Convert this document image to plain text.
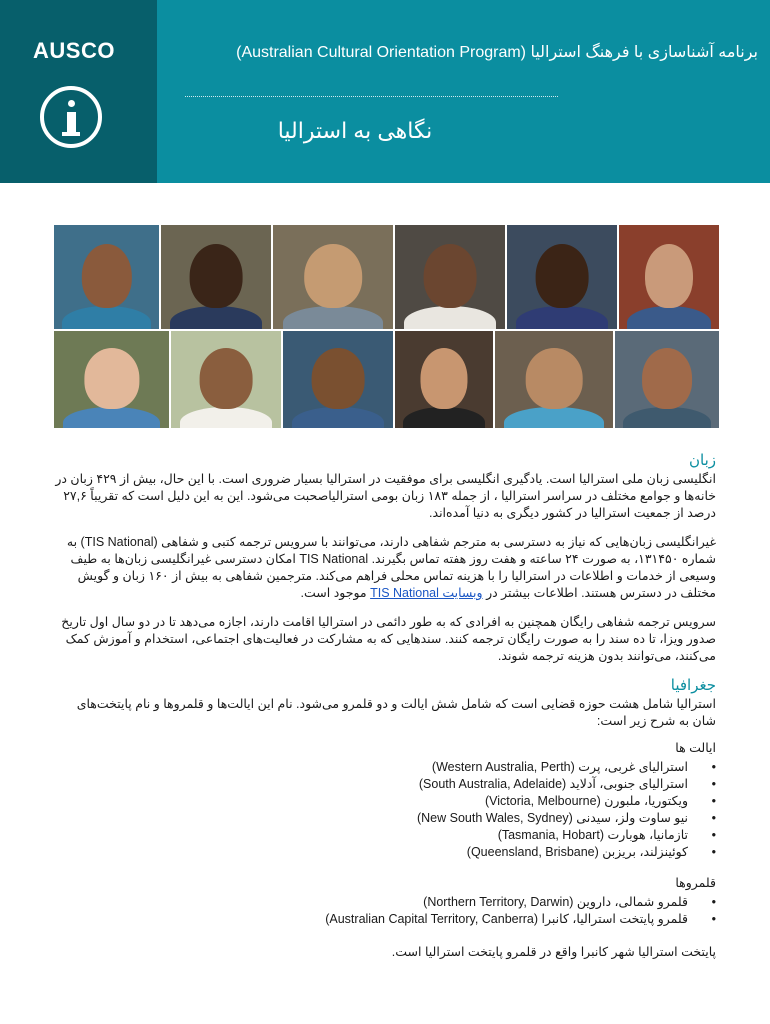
AUSCO	برنامه آشناسازی با فرهنگ استرالیا (Australian Cultural Orientation Program)
نگاهی به استرالیا
زبان

انگلیسی زبان ملی استرالیا است. یادگیری انگلیسی برای موفقیت در استرالیا بسیار ضروری است. با این حال، بیش از ۴۲۹ زبان در خانه‌ها و جوامع مختلف در سراسر استرالیا ، از جمله ۱۸۳ زبان بومی استرالیاصحبت می‌شود. این به این دلیل است که تقریباً ۲۷,۶ درصد از جمعیت استرالیا در کشور دیگری به دنیا آمده‌اند.

غیرانگلیسی زبان‌هایی که نیاز به دسترسی به مترجم شفاهی دارند، می‌توانند با سرویس ترجمه کتبی و شفاهی (TIS National) به شماره ۱۳۱۴۵۰، به صورت ۲۴ ساعته و هفت روز هفته تماس بگیرند. TIS National امکان دسترسی غیرانگلیسی زبان‌ها به طیف وسیعی از خدمات و اطلاعات در استرالیا را با هزینه تماس محلی فراهم می‌کند. مترجمین شفاهی به بیش از ۱۶۰ زبان و گویش مختلف در دسترس هستند. اطلاعات بیشتر در وبسایت TIS National موجود است.

سرویس ترجمه شفاهی رایگان همچنین به افرادی که به طور دائمی در استرالیا اقامت دارند، اجازه می‌دهد تا در دو سال اول تاریخ صدور ویزا، تا ده سند را به صورت رایگان ترجمه کنند. سندهایی که به مشارکت در فعالیت‌های اجتماعی، استخدام و آموزش کمک می‌کنند، می‌توانند بدون هزینه ترجمه شوند.

جغرافیا

استرالیا شامل هشت حوزه قضایی است که شامل شش ایالت و دو قلمرو می‌شود. نام این ایالت‌ها و قلمروها و نام پایتخت‌های شان به شرح زیر است:

ایالت ها
• استرالیای غربی، پرت (Western Australia, Perth)
• استرالیای جنوبی، آدلاید (South Australia, Adelaide)
• ویکتوریا، ملبورن (Victoria, Melbourne)
• نیو ساوت ولز، سیدنی (New South Wales, Sydney)
• تازمانیا، هوبارت (Tasmania, Hobart)
• کوئینزلند، بریزبن (Queensland, Brisbane)
قلمروها
• قلمرو شمالی، داروین (Northern Territory, Darwin)
• قلمرو پایتخت استرالیا، کانبرا (Australian Capital Territory, Canberra)

پایتخت استرالیا شهر کانبرا واقع در قلمرو پایتخت استرالیا است.
